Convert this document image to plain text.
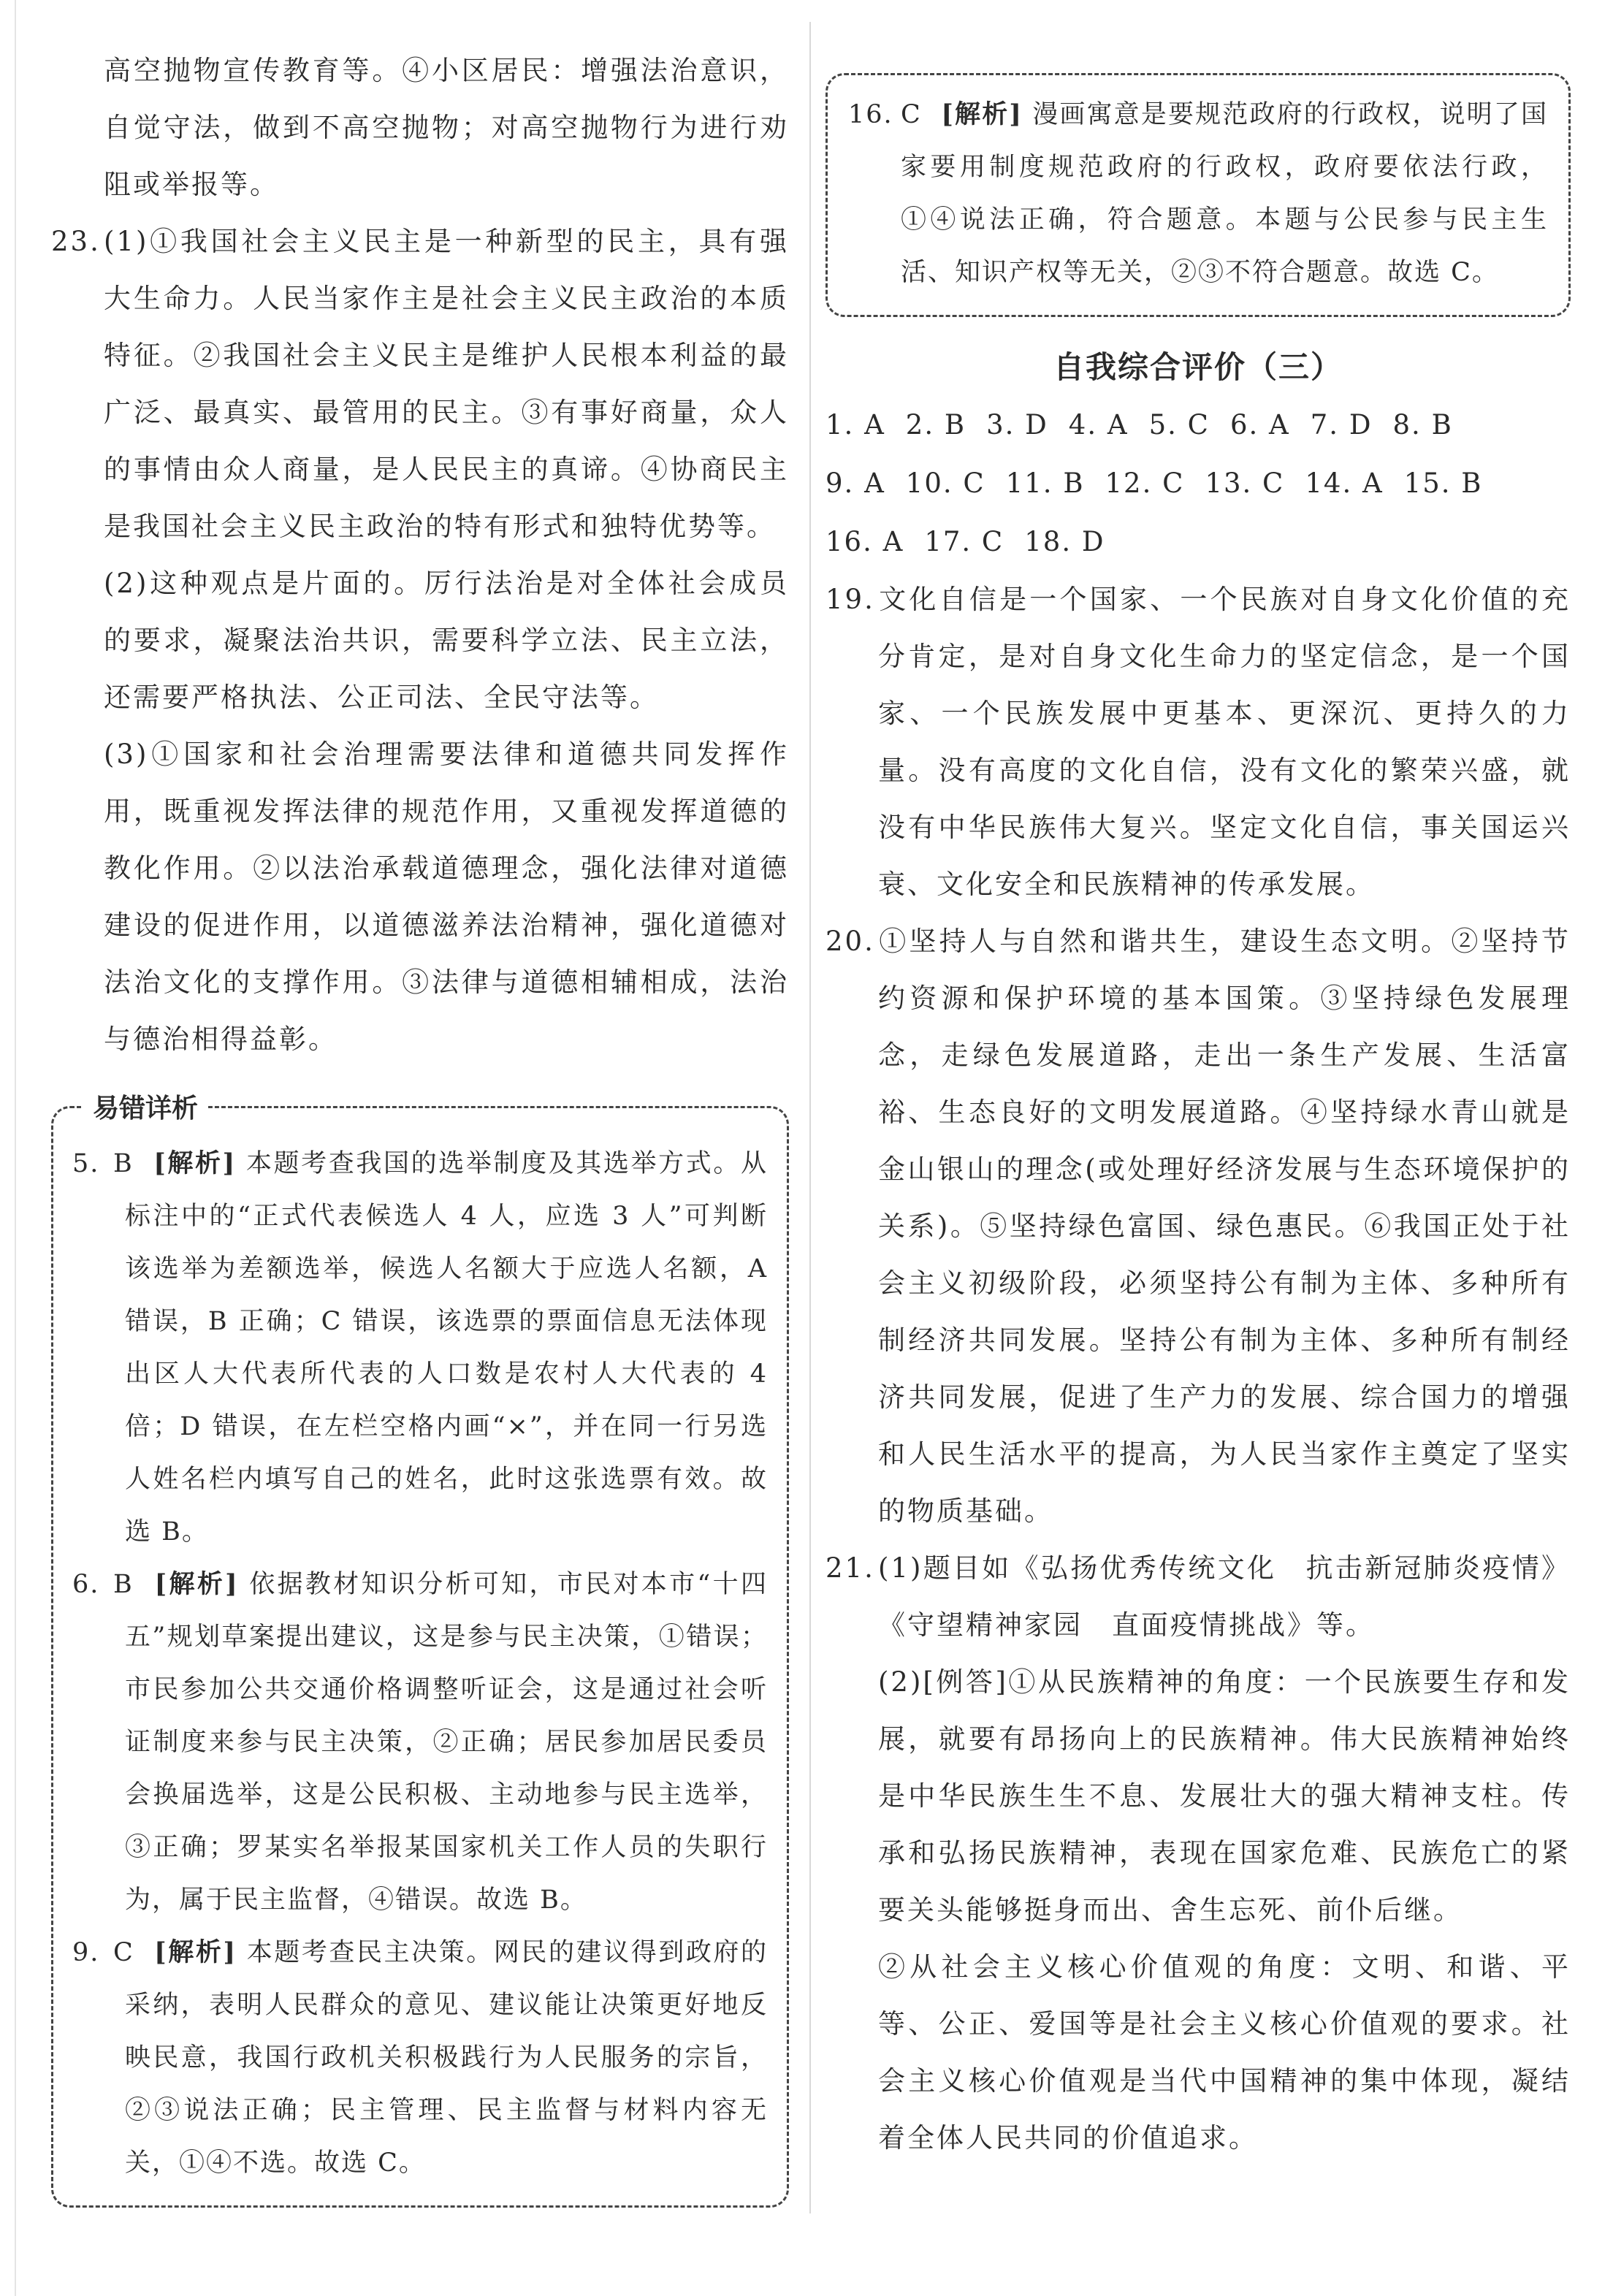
高空抛物宣传教育等。④小区居民：增强法治意识，自觉守法，做到不高空抛物；对高空抛物行为进行劝阻或举报等。

23. (1)①我国社会主义民主是一种新型的民主，具有强大生命力。人民当家作主是社会主义民主政治的本质特征。②我国社会主义民主是维护人民根本利益的最广泛、最真实、最管用的民主。③有事好商量，众人的事情由众人商量，是人民民主的真谛。④协商民主是我国社会主义民主政治的特有形式和独特优势等。

(2)这种观点是片面的。厉行法治是对全体社会成员的要求，凝聚法治共识，需要科学立法、民主立法，还需要严格执法、公正司法、全民守法等。

(3)①国家和社会治理需要法律和道德共同发挥作用，既重视发挥法律的规范作用，又重视发挥道德的教化作用。②以法治承载道德理念，强化法律对道德建设的促进作用，以道德滋养法治精神，强化道德对法治文化的支撑作用。③法律与道德相辅相成，法治与德治相得益彰。

易错详析

5. B [解析] 本题考查我国的选举制度及其选举方式。从标注中的“正式代表候选人 4 人，应选 3 人”可判断该选举为差额选举，候选人名额大于应选人名额，A 错误，B 正确；C 错误，该选票的票面信息无法体现出区人大代表所代表的人口数是农村人大代表的 4 倍；D 错误，在左栏空格内画“×”，并在同一行另选人姓名栏内填写自己的姓名，此时这张选票有效。故选 B。

6. B [解析] 依据教材知识分析可知，市民对本市“十四五”规划草案提出建议，这是参与民主决策，①错误；市民参加公共交通价格调整听证会，这是通过社会听证制度来参与民主决策，②正确；居民参加居民委员会换届选举，这是公民积极、主动地参与民主选举，③正确；罗某实名举报某国家机关工作人员的失职行为，属于民主监督，④错误。故选 B。

9. C [解析] 本题考查民主决策。网民的建议得到政府的采纳，表明人民群众的意见、建议能让决策更好地反映民意，我国行政机关积极践行为人民服务的宗旨，②③说法正确；民主管理、民主监督与材料内容无关，①④不选。故选 C。

16. C [解析] 漫画寓意是要规范政府的行政权，说明了国家要用制度规范政府的行政权，政府要依法行政，①④说法正确，符合题意。本题与公民参与民主生活、知识产权等无关，②③不符合题意。故选 C。

自我综合评价（三）
1. A 2. B 3. D 4. A 5. C 6. A 7. D 8. B
9. A 10. C 11. B 12. C 13. C 14. A 15. B
16. A 17. C 18. D

19. 文化自信是一个国家、一个民族对自身文化价值的充分肯定，是对自身文化生命力的坚定信念，是一个国家、一个民族发展中更基本、更深沉、更持久的力量。没有高度的文化自信，没有文化的繁荣兴盛，就没有中华民族伟大复兴。坚定文化自信，事关国运兴衰、文化安全和民族精神的传承发展。

20. ①坚持人与自然和谐共生，建设生态文明。②坚持节约资源和保护环境的基本国策。③坚持绿色发展理念，走绿色发展道路，走出一条生产发展、生活富裕、生态良好的文明发展道路。④坚持绿水青山就是金山银山的理念(或处理好经济发展与生态环境保护的关系)。⑤坚持绿色富国、绿色惠民。⑥我国正处于社会主义初级阶段，必须坚持公有制为主体、多种所有制经济共同发展。坚持公有制为主体、多种所有制经济共同发展，促进了生产力的发展、综合国力的增强和人民生活水平的提高，为人民当家作主奠定了坚实的物质基础。

21. (1)题目如《弘扬优秀传统文化　抗击新冠肺炎疫情》《守望精神家园　直面疫情挑战》等。

(2)[例答]①从民族精神的角度：一个民族要生存和发展，就要有昂扬向上的民族精神。伟大民族精神始终是中华民族生生不息、发展壮大的强大精神支柱。传承和弘扬民族精神，表现在国家危难、民族危亡的紧要关头能够挺身而出、舍生忘死、前仆后继。

②从社会主义核心价值观的角度：文明、和谐、平等、公正、爱国等是社会主义核心价值观的要求。社会主义核心价值观是当代中国精神的集中体现，凝结着全体人民共同的价值追求。
